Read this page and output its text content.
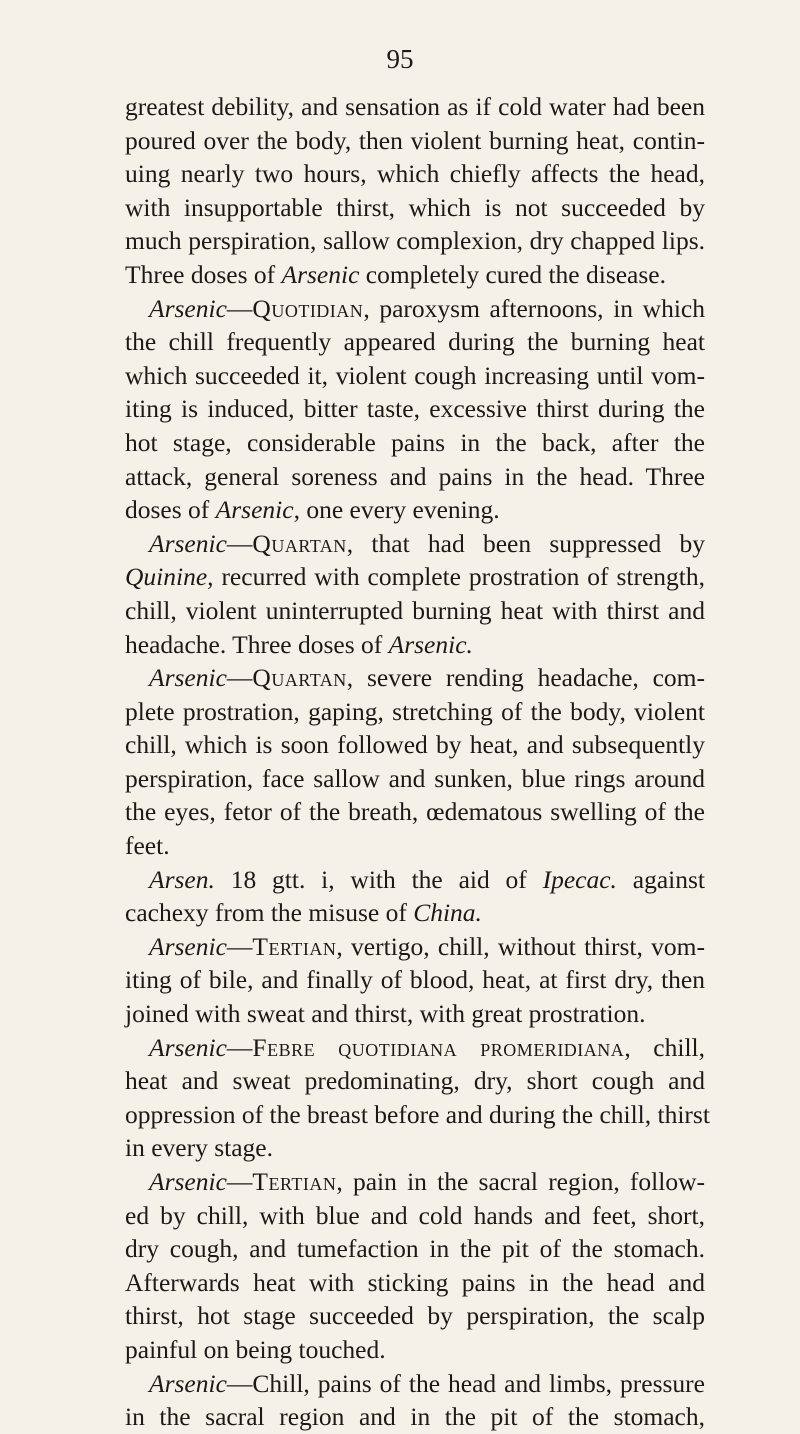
95
greatest debility, and sensation as if cold water had been
poured over the body, then violent burning heat, contin-
uing nearly two hours, which chiefly affects the head,
with insupportable thirst, which is not succeeded by
much perspiration, sallow complexion, dry chapped lips.
Three doses of Arsenic completely cured the disease.
Arsenic—Quotidian, paroxysm afternoons, in which
the chill frequently appeared during the burning heat
which succeeded it, violent cough increasing until vom-
iting is induced, bitter taste, excessive thirst during the
hot stage, considerable pains in the back, after the
attack, general soreness and pains in the head. Three
doses of Arsenic, one every evening.
Arsenic—Quartan, that had been suppressed by
Quinine, recurred with complete prostration of strength,
chill, violent uninterrupted burning heat with thirst and
headache. Three doses of Arsenic.
Arsenic—Quartan, severe rending headache, com-
plete prostration, gaping, stretching of the body, violent
chill, which is soon followed by heat, and subsequently
perspiration, face sallow and sunken, blue rings around
the eyes, fetor of the breath, œdematous swelling of the
feet.
Arsen. 18 gtt. i, with the aid of Ipecac. against
cachexy from the misuse of China.
Arsenic—Tertian, vertigo, chill, without thirst, vom-
iting of bile, and finally of blood, heat, at first dry, then
joined with sweat and thirst, with great prostration.
Arsenic—Febre quotidiana promeridiana, chill,
heat and sweat predominating, dry, short cough and
oppression of the breast before and during the chill, thirst
in every stage.
Arsenic—Tertian, pain in the sacral region, follow-
ed by chill, with blue and cold hands and feet, short,
dry cough, and tumefaction in the pit of the stomach.
Afterwards heat with sticking pains in the head and
thirst, hot stage succeeded by perspiration, the scalp
painful on being touched.
Arsenic—Chill, pains of the head and limbs, pressure
in the sacral region and in the pit of the stomach,
